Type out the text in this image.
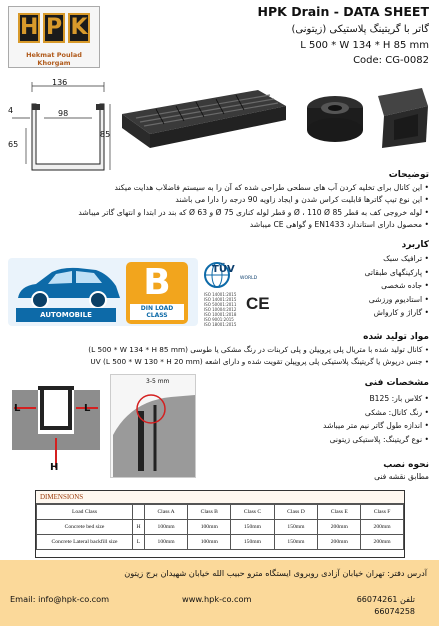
H P K
Hekmat Poulad Khorgam
HPK Drain - DATA SHEET
گاتر با گریتینگ پلاستیکی (زیتونی)
L 500 * W 134 * H 85 mm
Code: CG-0082
136
98
4
65
85
توضیحات
• این کانال برای تخلیه کردن آب های سطحی طراحی شده که آن را به سیستم فاضلاب هدایت میکند
• این نوع تیپ گاترها قابلیت کراس شدن و ایجاد زاویه 90 درجه را دارا می باشند
• لوله خروجی کف به قطر 85 Ø ، 110 Ø و قطر لوله کناری 75 Ø و 63 Ø که بند در ابتدا و انتهای گاتر میباشد
• محصول دارای استاندارد EN1433 و گواهی CE میباشد
AUTOMOBILE
B
DIN LOAD CLASS
TÜV
WORLD
ISO 14001:2015
ISO 14001:2015
ISO 50001:2011
ISO 10004:2012
ISO 10001:2018
ISO 9001:2015
ISO 18001:2015
CE
کاربرد
• ترافیک سبک
• پارکینگهای طبقاتی
• جاده شخصی
• استادیوم ورزشی
• گاراژ و کارواش
مواد تولید شده
• کانال تولید شده با متریال پلی پروپیلن و پلی کربنات در رنگ مشکی یا طوسی (L 500 * W 134 * H 85 mm)
• جنس درپوش یا گریتینگ پلاستیکی پلی پروپیلن تقویت شده و دارای اشعه UV (L 500 * W 130 * H 20 mm)
L	L
H
3-5 mm	مشخصات فنی
• کلاس بار: B125
• رنگ کانال: مشکی
• اندازه طول گاتر نیم متر میباشد
• نوع گریتینگ: پلاستیکی زیتونی
نحوه نصب
مطابق نقشه فنی
DIMENSIONS
Load Class		Class A	Class B	Class C	Class D	Class E	Class F
Concrete bed size	H	100mm	100mm	150mm	150mm	200mm	200mm
Concrete Lateral backfill size	L	100mm	100mm	150mm	150mm	200mm	200mm
آدرس دفتر: تهران خیابان آزادی روبروی ایستگاه مترو حبیب الله خیابان شهیدان برج زیتون
Email: info@hpk-co.com	www.hpk-co.com	تلفن 66074261
66074258
